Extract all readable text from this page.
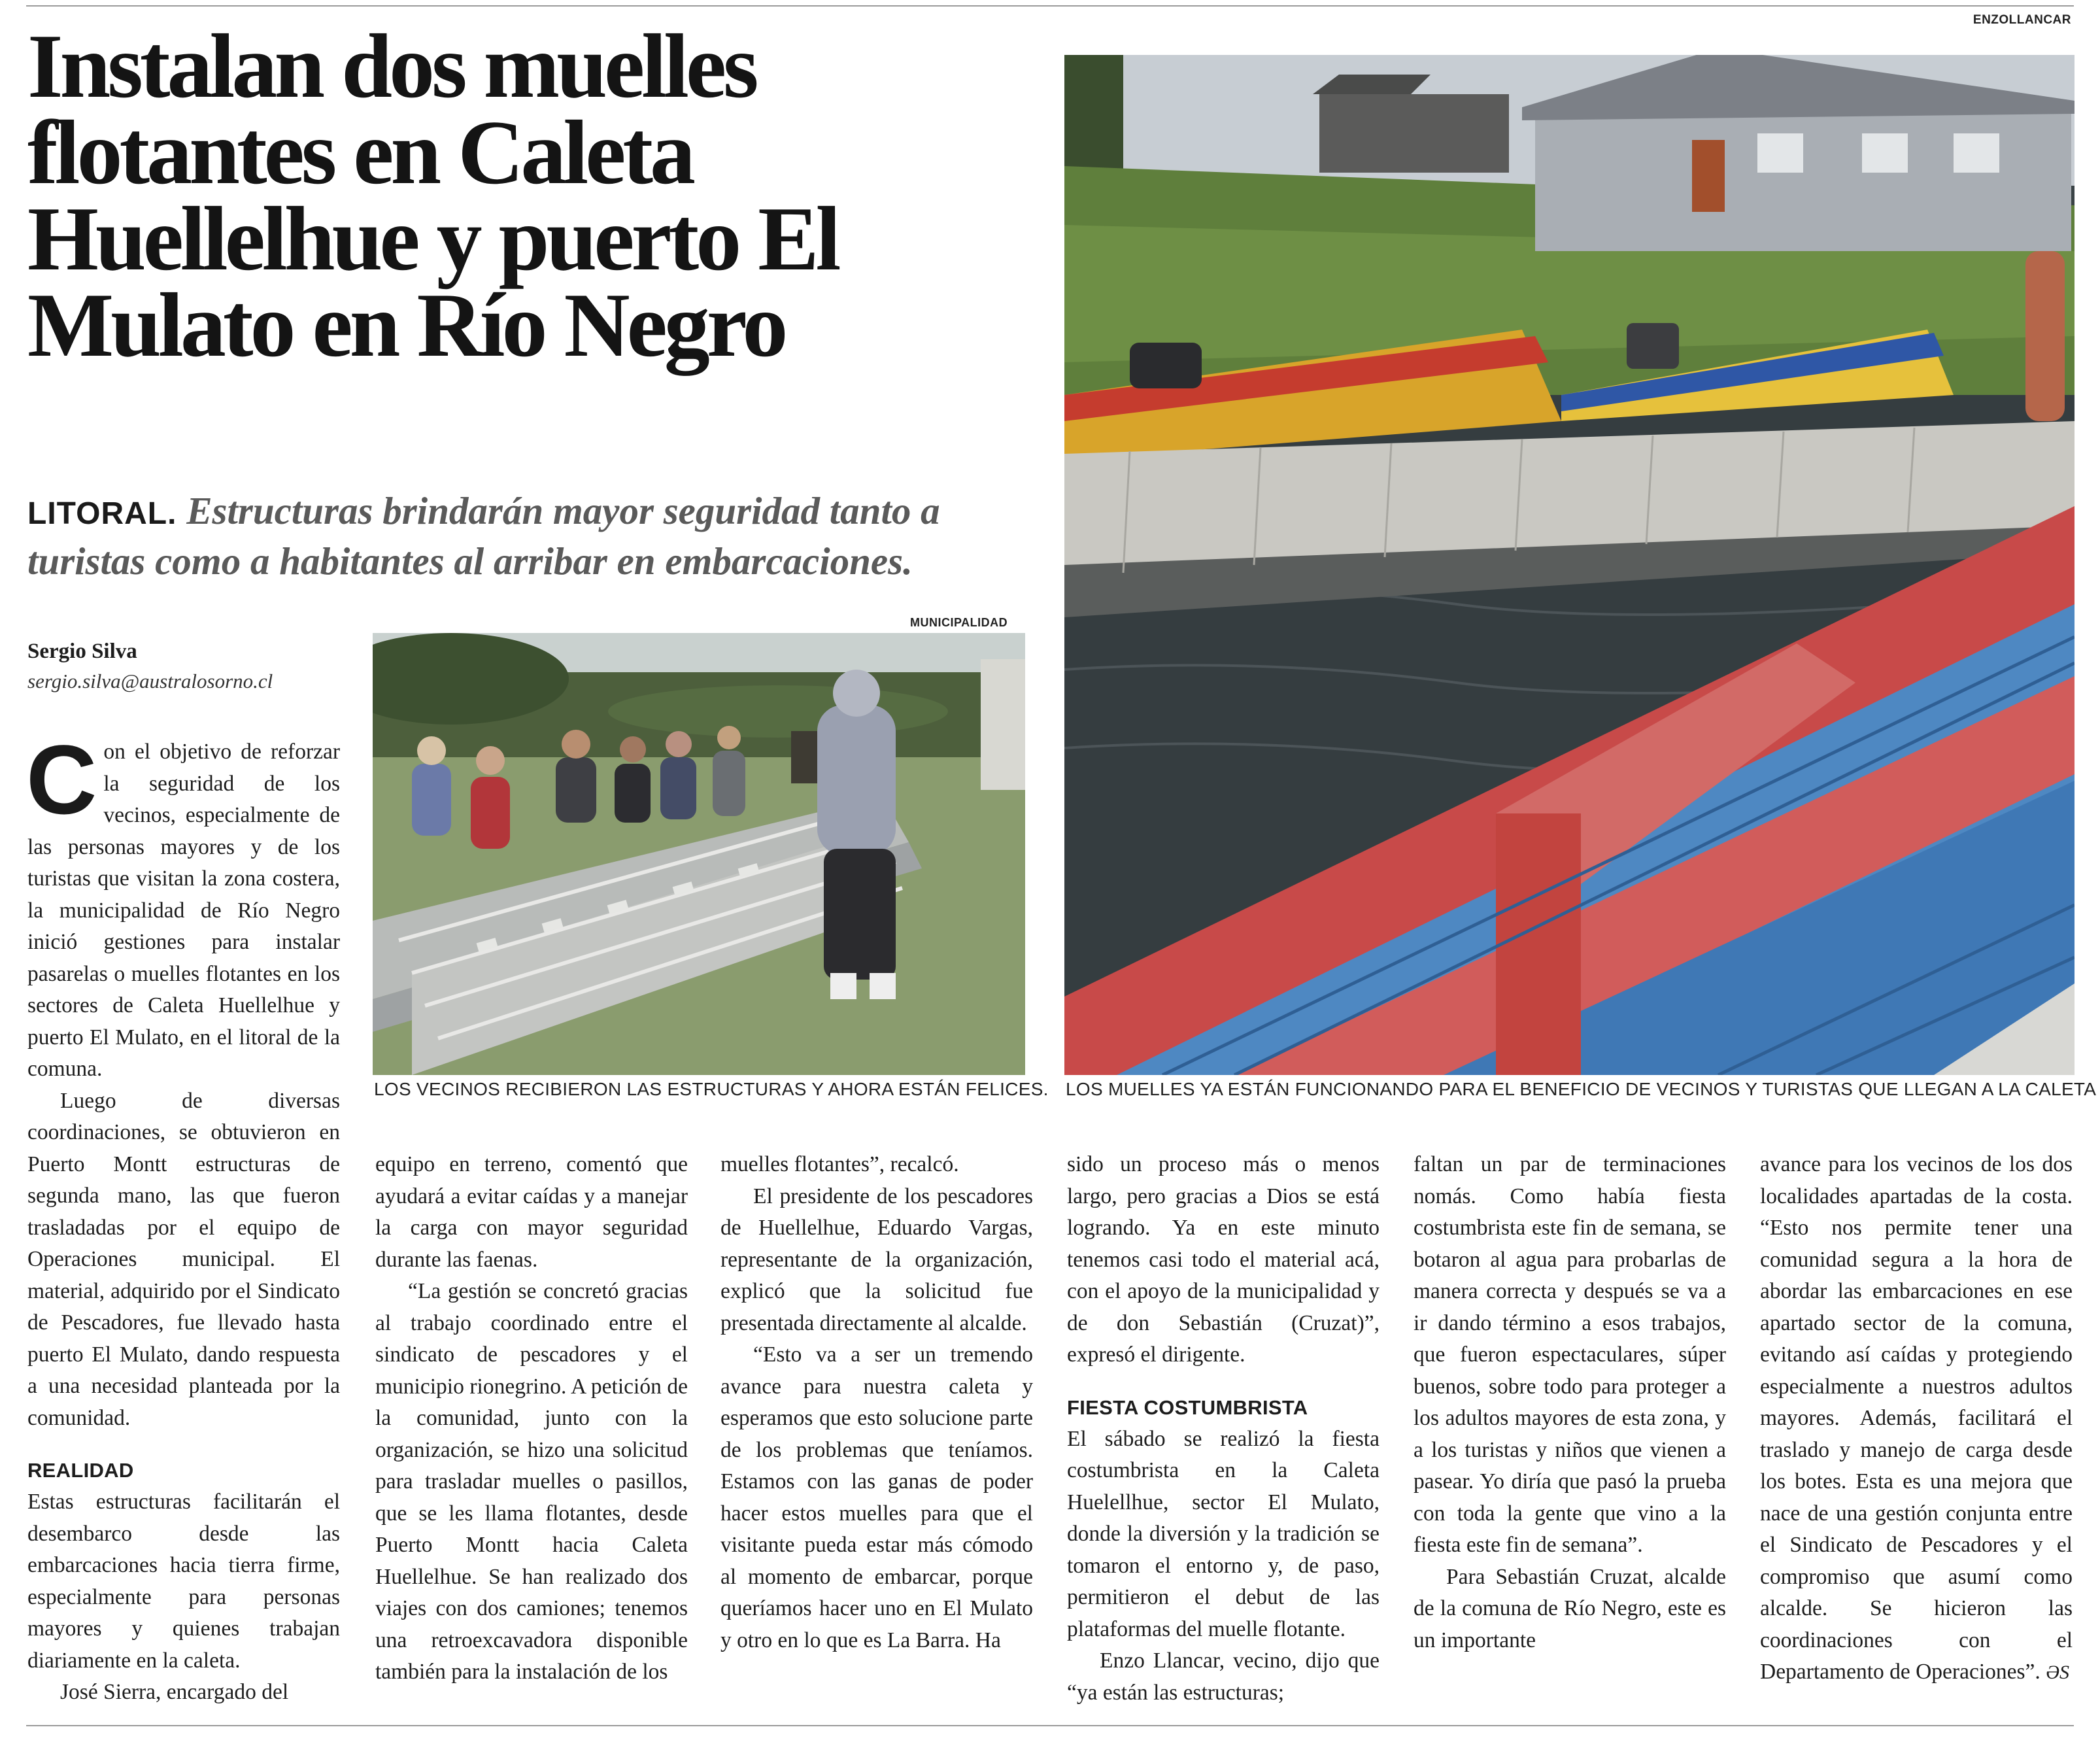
ENZOLLANCAR
Instalan dos muelles flotantes en Caleta Huellelhue y puerto El Mulato en Río Negro
LITORAL. Estructuras brindarán mayor seguridad tanto a turistas como a habitantes al arribar en embarcaciones.
Sergio Silva
sergio.silva@australosorno.cl
MUNICIPALIDAD
LOS VECINOS RECIBIERON LAS ESTRUCTURAS Y AHORA ESTÁN FELICES. LOS MUELLES YA ESTÁN FUNCIONANDO PARA EL BENEFICIO DE VECINOS Y TURISTAS QUE LLEGAN A LA CALETA

Con el objetivo de reforzar la seguridad de los vecinos, especialmente de las personas mayores y de los turistas que visitan la zona costera, la municipalidad de Río Negro inició gestiones para instalar pasarelas o muelles flotantes en los sectores de Caleta Huellelhue y puerto El Mulato, en el litoral de la comuna.

Luego de diversas coordinaciones, se obtuvieron en Puerto Montt estructuras de segunda mano, las que fueron trasladadas por el equipo de Operaciones municipal. El material, adquirido por el Sindicato de Pescadores, fue llevado hasta puerto El Mulato, dando respuesta a una necesidad planteada por la comunidad.

REALIDAD

Estas estructuras facilitarán el desembarco desde las embarcaciones hacia tierra firme, especialmente para personas mayores y quienes trabajan diariamente en la caleta.

José Sierra, encargado del

equipo en terreno, comentó que ayudará a evitar caídas y a manejar la carga con mayor seguridad durante las faenas.

“La gestión se concretó gracias al trabajo coordinado entre el sindicato de pescadores y el municipio rionegrino. A petición de la comunidad, junto con la organización, se hizo una solicitud para trasladar muelles o pasillos, que se les llama flotantes, desde Puerto Montt hacia Caleta Huellelhue. Se han realizado dos viajes con dos camiones; tenemos una retroexcavadora disponible también para la instalación de los

muelles flotantes”, recalcó.

El presidente de los pescadores de Huellelhue, Eduardo Vargas, representante de la organización, explicó que la solicitud fue presentada directamente al alcalde.

“Esto va a ser un tremendo avance para nuestra caleta y esperamos que esto solucione parte de los problemas que teníamos. Estamos con las ganas de poder hacer estos muelles para que el visitante pueda estar más cómodo al momento de embarcar, porque queríamos hacer uno en El Mulato y otro en lo que es La Barra. Ha

sido un proceso más o menos largo, pero gracias a Dios se está logrando. Ya en este minuto tenemos casi todo el material acá, con el apoyo de la municipalidad y de don Sebastián (Cruzat)”, expresó el dirigente.

FIESTA COSTUMBRISTA

El sábado se realizó la fiesta costumbrista en la Caleta Huelellhue, sector El Mulato, donde la diversión y la tradición se tomaron el entorno y, de paso, permitieron el debut de las plataformas del muelle flotante.

Enzo Llancar, vecino, dijo que “ya están las estructuras;

faltan un par de terminaciones nomás. Como había fiesta costumbrista este fin de semana, se botaron al agua para probarlas de manera correcta y después se va a ir dando término a esos trabajos, que fueron espectaculares, súper buenos, sobre todo para proteger a los adultos mayores de esta zona, y a los turistas y niños que vienen a pasear. Yo diría que pasó la prueba con toda la gente que vino a la fiesta este fin de semana”.

Para Sebastián Cruzat, alcalde de la comuna de Río Negro, este es un importante

avance para los vecinos de los dos localidades apartadas de la costa. “Esto nos permite tener una comunidad segura a la hora de abordar las embarcaciones en ese apartado sector de la comuna, evitando así caídas y protegiendo especialmente a nuestros adultos mayores. Además, facilitará el traslado y manejo de carga desde los botes. Esta es una mejora que nace de una gestión conjunta entre el Sindicato de Pescadores y el compromiso que asumí como alcalde. Se hicieron las coordinaciones con el Departamento de Operaciones”. ƏS
